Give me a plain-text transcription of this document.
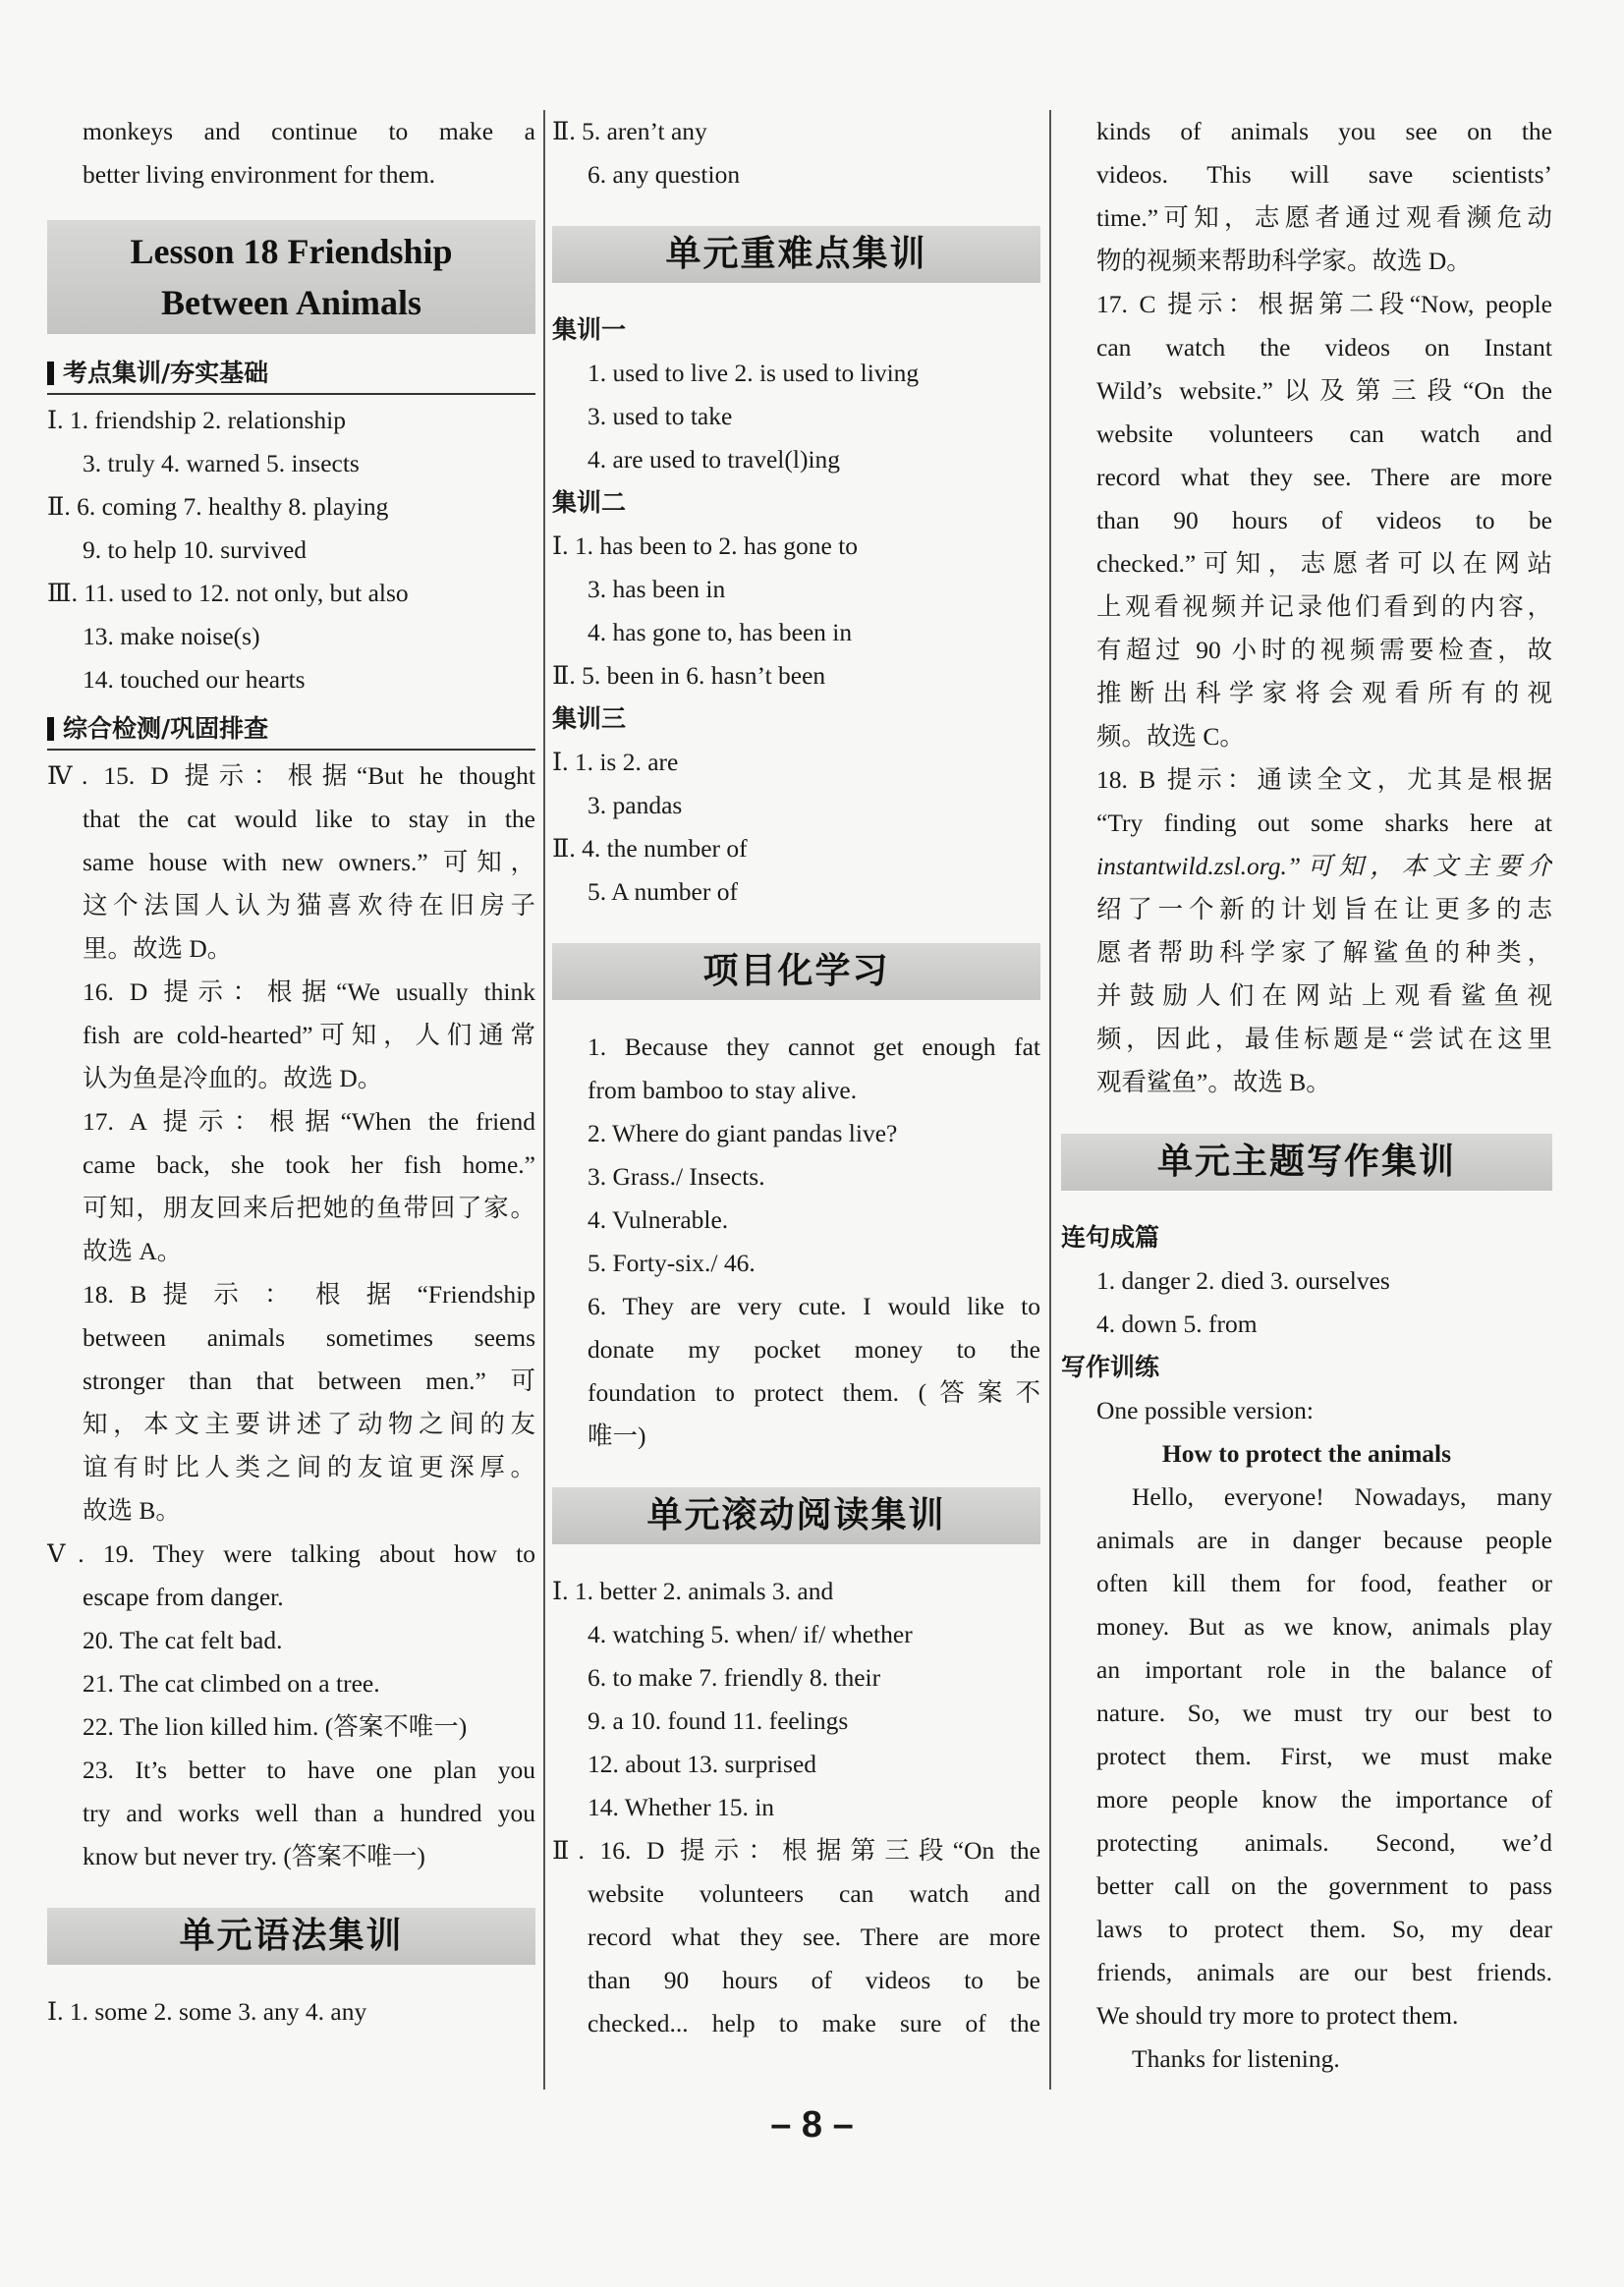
monkeys and continue to make a
better living environment for them.
Lesson 18 Friendship
Between Animals
考点集训/夯实基础
Ⅰ. 1. friendship 2. relationship
3. truly 4. warned 5. insects
Ⅱ. 6. coming 7. healthy 8. playing
9. to help 10. survived
Ⅲ. 11. used to 12. not only, but also
13. make noise(s)
14. touched our hearts
综合检测/巩固排查
Ⅳ. 15. D 提示：根据“But he thought
that the cat would like to stay in the
same house with new owners.” 可知，
这个法国人认为猫喜欢待在旧房子
里。故选 D。
16. D 提示：根据“We usually think
fish are cold-hearted”可知，人们通常
认为鱼是冷血的。故选 D。
17. A 提示：根据“When the friend
came back, she took her fish home.”
可知，朋友回来后把她的鱼带回了家。
故选 A。
18. B 提 示 ： 根 据 “Friendship
between animals sometimes seems
stronger than that between men.” 可
知，本文主要讲述了动物之间的友
谊有时比人类之间的友谊更深厚。
故选 B。
Ⅴ. 19. They were talking about how to
escape from danger.
20. The cat felt bad.
21. The cat climbed on a tree.
22. The lion killed him. (答案不唯一)
23. It’s better to have one plan you
try and works well than a hundred you
know but never try. (答案不唯一)
单元语法集训
Ⅰ. 1. some 2. some 3. any 4. any
Ⅱ. 5. aren’t any
6. any question
单元重难点集训
集训一
1. used to live 2. is used to living
3. used to take
4. are used to travel(l)ing
集训二
Ⅰ. 1. has been to 2. has gone to
3. has been in
4. has gone to, has been in
Ⅱ. 5. been in 6. hasn’t been
集训三
Ⅰ. 1. is 2. are
3. pandas
Ⅱ. 4. the number of
5. A number of
项目化学习
1. Because they cannot get enough fat
from bamboo to stay alive.
2. Where do giant pandas live?
3. Grass./ Insects.
4. Vulnerable.
5. Forty-six./ 46.
6. They are very cute. I would like to
donate my pocket money to the
foundation to protect them. (答案不
唯一)
单元滚动阅读集训
Ⅰ. 1. better 2. animals 3. and
4. watching 5. when/ if/ whether
6. to make 7. friendly 8. their
9. a 10. found 11. feelings
12. about 13. surprised
14. Whether 15. in
Ⅱ. 16. D 提示：根据第三段“On the
website volunteers can watch and
record what they see. There are more
than 90 hours of videos to be
checked... help to make sure of the
kinds of animals you see on the
videos. This will save scientists’
time.”可知，志愿者通过观看濒危动
物的视频来帮助科学家。故选 D。
17. C 提示：根据第二段“Now, people
can watch the videos on Instant
Wild’s website.”以及第三段“On the
website volunteers can watch and
record what they see. There are more
than 90 hours of videos to be
checked.”可知，志愿者可以在网站
上观看视频并记录他们看到的内容，
有超过 90 小时的视频需要检查，故
推断出科学家将会观看所有的视
频。故选 C。
18. B 提示：通读全文，尤其是根据
“Try finding out some sharks here at
instantwild.zsl.org.”可知，本文主要介
绍了一个新的计划旨在让更多的志
愿者帮助科学家了解鲨鱼的种类，
并鼓励人们在网站上观看鲨鱼视
频，因此，最佳标题是“尝试在这里
观看鲨鱼”。故选 B。
单元主题写作集训
连句成篇
1. danger 2. died 3. ourselves
4. down 5. from
写作训练
One possible version:
How to protect the animals
Hello, everyone! Nowadays, many
animals are in danger because people
often kill them for food, feather or
money. But as we know, animals play
an important role in the balance of
nature. So, we must try our best to
protect them. First, we must make
more people know the importance of
protecting animals. Second, we’d
better call on the government to pass
laws to protect them. So, my dear
friends, animals are our best friends.
We should try more to protect them.
Thanks for listening.
– 8 –
